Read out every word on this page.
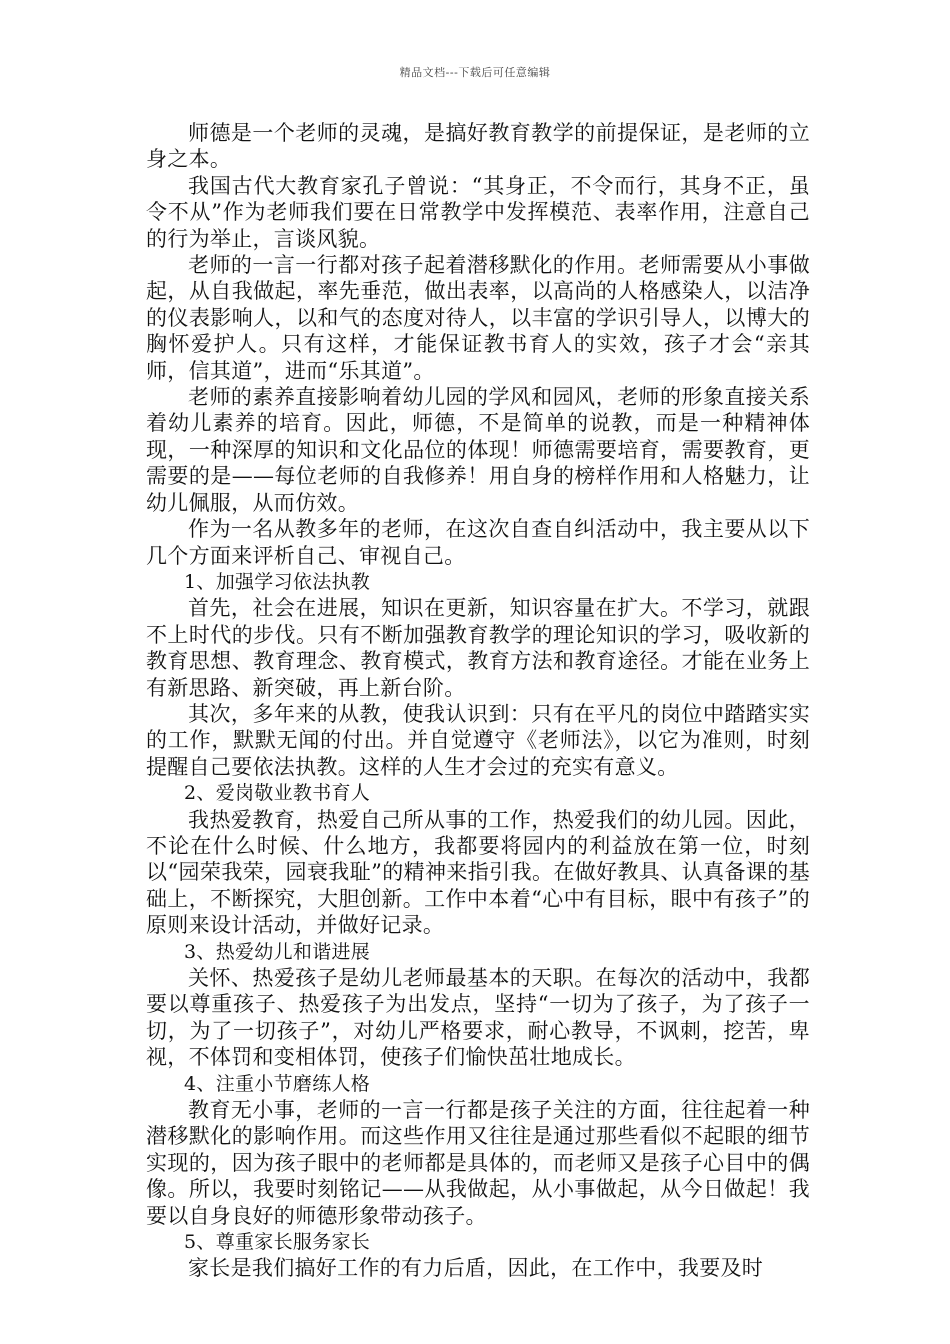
精品文档---下载后可任意编辑

师德是一个老师的灵魂，是搞好教育教学的前提保证，是老师的立身之本。

我国古代大教育家孔子曾说：“其身正，不令而行，其身不正，虽令不从”作为老师我们要在日常教学中发挥模范、表率作用，注意自己的行为举止，言谈风貌。

老师的一言一行都对孩子起着潜移默化的作用。老师需要从小事做起，从自我做起，率先垂范，做出表率，以高尚的人格感染人，以洁净的仪表影响人，以和气的态度对待人，以丰富的学识引导人，以博大的胸怀爱护人。只有这样，才能保证教书育人的实效，孩子才会“亲其师，信其道”，进而“乐其道”。

老师的素养直接影响着幼儿园的学风和园风，老师的形象直接关系着幼儿素养的培育。因此，师德，不是简单的说教，而是一种精神体现，一种深厚的知识和文化品位的体现！师德需要培育，需要教育，更需要的是——每位老师的自我修养！用自身的榜样作用和人格魅力，让幼儿佩服，从而仿效。

作为一名从教多年的老师，在这次自查自纠活动中，我主要从以下几个方面来评析自己、审视自己。

1、加强学习依法执教

首先，社会在进展，知识在更新，知识容量在扩大。不学习，就跟不上时代的步伐。只有不断加强教育教学的理论知识的学习，吸收新的教育思想、教育理念、教育模式，教育方法和教育途径。才能在业务上有新思路、新突破，再上新台阶。

其次，多年来的从教，使我认识到：只有在平凡的岗位中踏踏实实的工作，默默无闻的付出。并自觉遵守《老师法》，以它为准则，时刻提醒自己要依法执教。这样的人生才会过的充实有意义。

2、爱岗敬业教书育人

我热爱教育，热爱自己所从事的工作，热爱我们的幼儿园。因此，不论在什么时候、什么地方，我都要将园内的利益放在第一位，时刻以“园荣我荣，园衰我耻”的精神来指引我。在做好教具、认真备课的基础上，不断探究，大胆创新。工作中本着“心中有目标，眼中有孩子”的原则来设计活动，并做好记录。

3、热爱幼儿和谐进展

关怀、热爱孩子是幼儿老师最基本的天职。在每次的活动中，我都要以尊重孩子、热爱孩子为出发点，坚持“一切为了孩子，为了孩子一切，为了一切孩子”，对幼儿严格要求，耐心教导，不讽刺，挖苦，卑视，不体罚和变相体罚，使孩子们愉快茁壮地成长。

4、注重小节磨练人格

教育无小事，老师的一言一行都是孩子关注的方面，往往起着一种潜移默化的影响作用。而这些作用又往往是通过那些看似不起眼的细节实现的，因为孩子眼中的老师都是具体的，而老师又是孩子心目中的偶像。所以，我要时刻铭记——从我做起，从小事做起，从今日做起！我要以自身良好的师德形象带动孩子。

5、尊重家长服务家长

家长是我们搞好工作的有力后盾，因此，在工作中，我要及时
